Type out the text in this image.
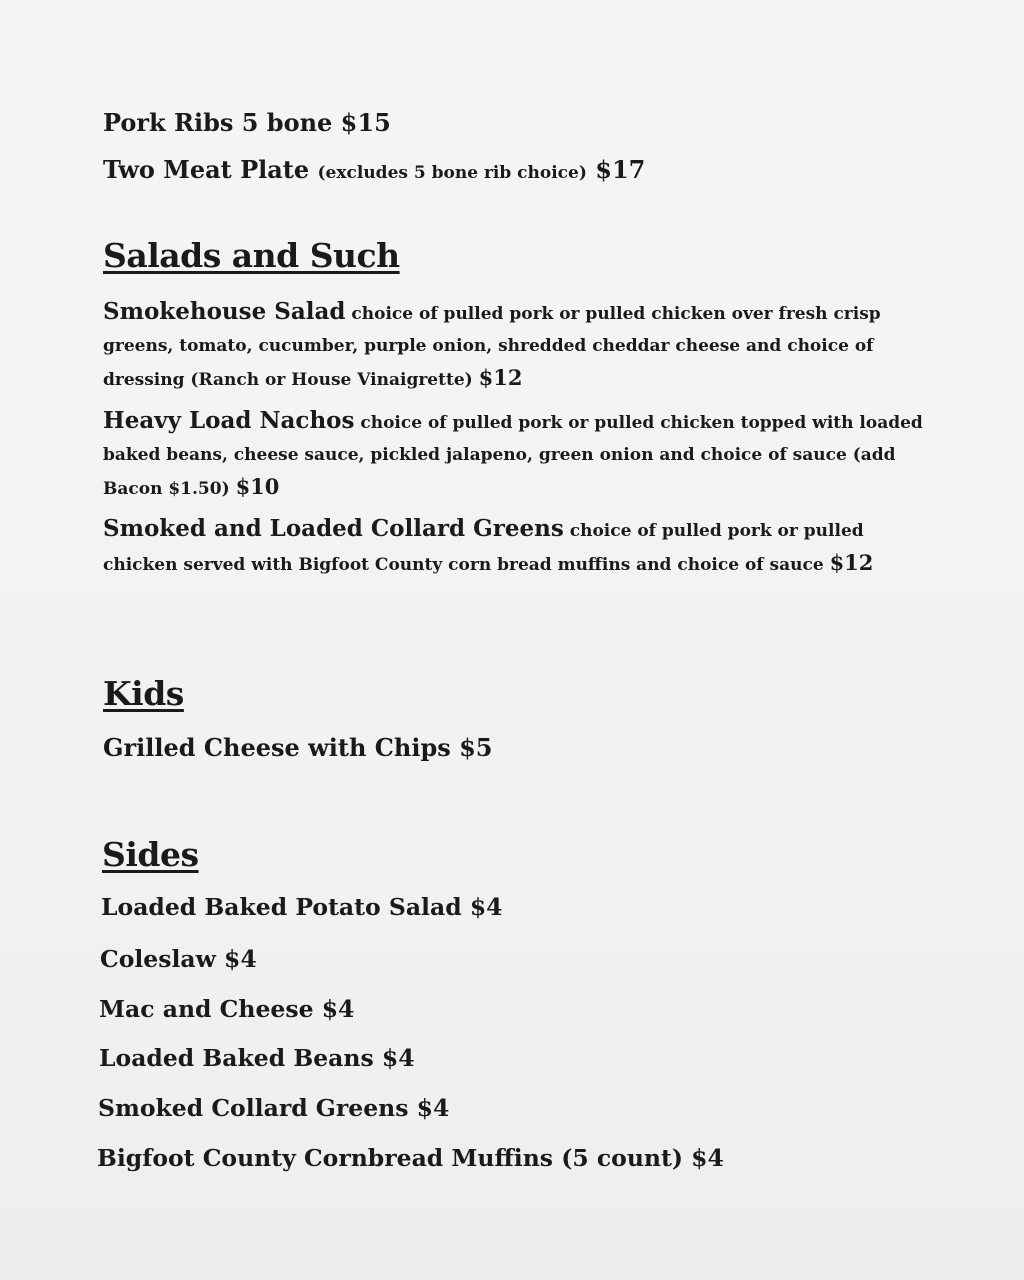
Pork Ribs 5 bone $15

Two Meat Plate (excludes 5 bone rib choice) $17

Salads and Such

Smokehouse Salad choice of pulled pork or pulled chicken over fresh crisp greens, tomato, cucumber, purple onion, shredded cheddar cheese and choice of dressing (Ranch or House Vinaigrette) $12

Heavy Load Nachos choice of pulled pork or pulled chicken topped with loaded baked beans, cheese sauce, pickled jalapeno, green onion and choice of sauce (add Bacon $1.50) $10

Smoked and Loaded Collard Greens choice of pulled pork or pulled chicken served with Bigfoot County corn bread muffins and choice of sauce $12

Kids

Grilled Cheese with Chips $5

Sides

Loaded Baked Potato Salad $4

Coleslaw $4

Mac and Cheese $4

Loaded Baked Beans $4

Smoked Collard Greens $4

Bigfoot County Cornbread Muffins (5 count) $4
